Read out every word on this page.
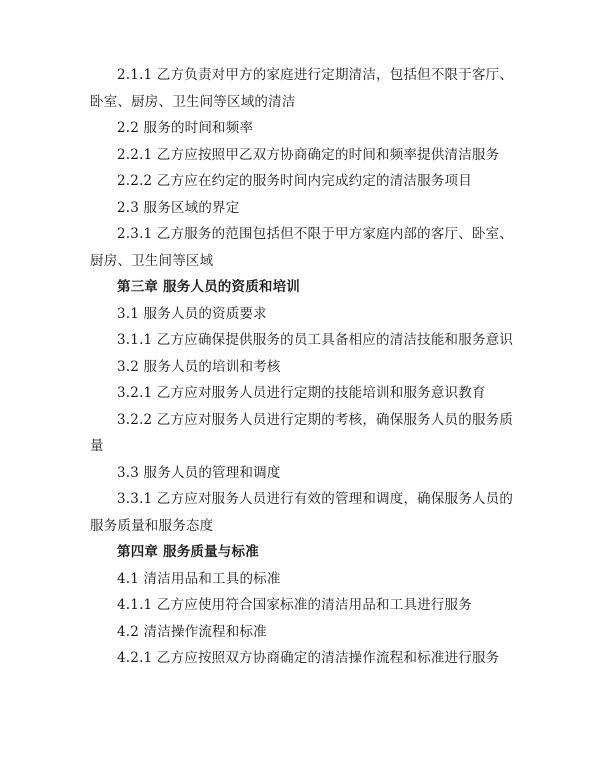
2.1.1 乙方负责对甲方的家庭进行定期清洁，包括但不限于客厅、卧室、厨房、卫生间等区域的清洁

2.2 服务的时间和频率

2.2.1 乙方应按照甲乙双方协商确定的时间和频率提供清洁服务

2.2.2 乙方应在约定的服务时间内完成约定的清洁服务项目

2.3 服务区域的界定

2.3.1 乙方服务的范围包括但不限于甲方家庭内部的客厅、卧室、厨房、卫生间等区域

第三章 服务人员的资质和培训

3.1 服务人员的资质要求

3.1.1 乙方应确保提供服务的员工具备相应的清洁技能和服务意识

3.2 服务人员的培训和考核

3.2.1 乙方应对服务人员进行定期的技能培训和服务意识教育

3.2.2 乙方应对服务人员进行定期的考核，确保服务人员的服务质量

3.3 服务人员的管理和调度

3.3.1 乙方应对服务人员进行有效的管理和调度，确保服务人员的服务质量和服务态度

第四章 服务质量与标准

4.1 清洁用品和工具的标准

4.1.1 乙方应使用符合国家标准的清洁用品和工具进行服务

4.2 清洁操作流程和标准

4.2.1 乙方应按照双方协商确定的清洁操作流程和标准进行服务
